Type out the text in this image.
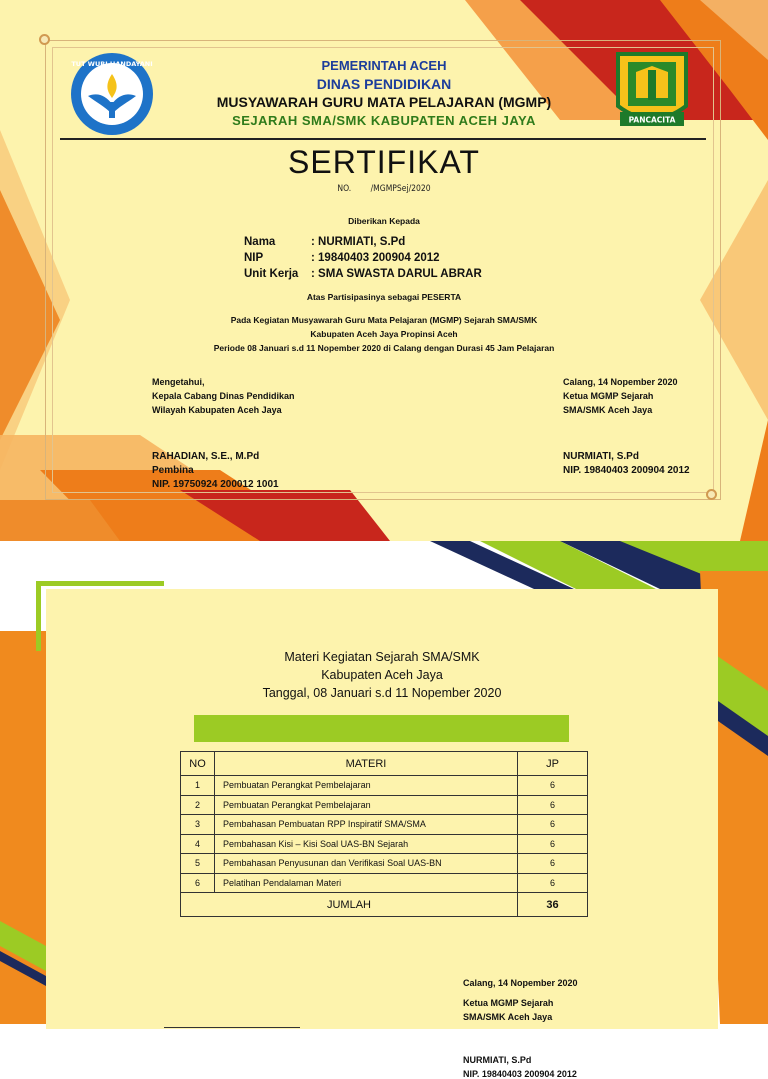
TUT WURI HANDAYANI
PANCACITA
PEMERINTAH ACEH
DINAS PENDIDIKAN
MUSYAWARAH GURU MATA PELAJARAN (MGMP)
SEJARAH SMA/SMK KABUPATEN ACEH JAYA
SERTIFIKAT
NO.        /MGMPSej/2020
Diberikan Kepada
Nama	: NURMIATI, S.Pd
NIP	: 19840403 200904 2012
Unit Kerja : SMA SWASTA DARUL ABRAR
Atas Partisipasinya sebagai PESERTA
Pada Kegiatan Musyawarah Guru Mata Pelajaran (MGMP) Sejarah SMA/SMK
Kabupaten Aceh Jaya Propinsi Aceh
Periode 08 Januari s.d 11 Nopember 2020 di Calang dengan Durasi 45 Jam Pelajaran
Mengetahui,
Kepala Cabang Dinas Pendidikan
Wilayah Kabupaten Aceh Jaya
RAHADIAN, S.E., M.Pd
Pembina
NIP. 19750924 200012 1001
Calang, 14 Nopember 2020
Ketua MGMP Sejarah
SMA/SMK Aceh Jaya
NURMIATI, S.Pd
NIP. 19840403 200904 2012
Materi Kegiatan Sejarah SMA/SMK
Kabupaten Aceh Jaya
Tanggal, 08 Januari s.d 11 Nopember 2020
NO	MATERI	JP
1	Pembuatan Perangkat Pembelajaran	6
2	Pembuatan Perangkat Pembelajaran	6
3	Pembahasan Pembuatan RPP Inspiratif SMA/SMA	6
4	Pembahasan Kisi – Kisi Soal UAS-BN Sejarah	6
5	Pembahasan Penyusunan dan Verifikasi Soal UAS-BN	6
6	Pelatihan Pendalaman Materi	6
JUMLAH		36
Calang, 14 Nopember 2020
Ketua MGMP Sejarah
SMA/SMK Aceh Jaya
NURMIATI, S.Pd
NIP. 19840403 200904 2012
